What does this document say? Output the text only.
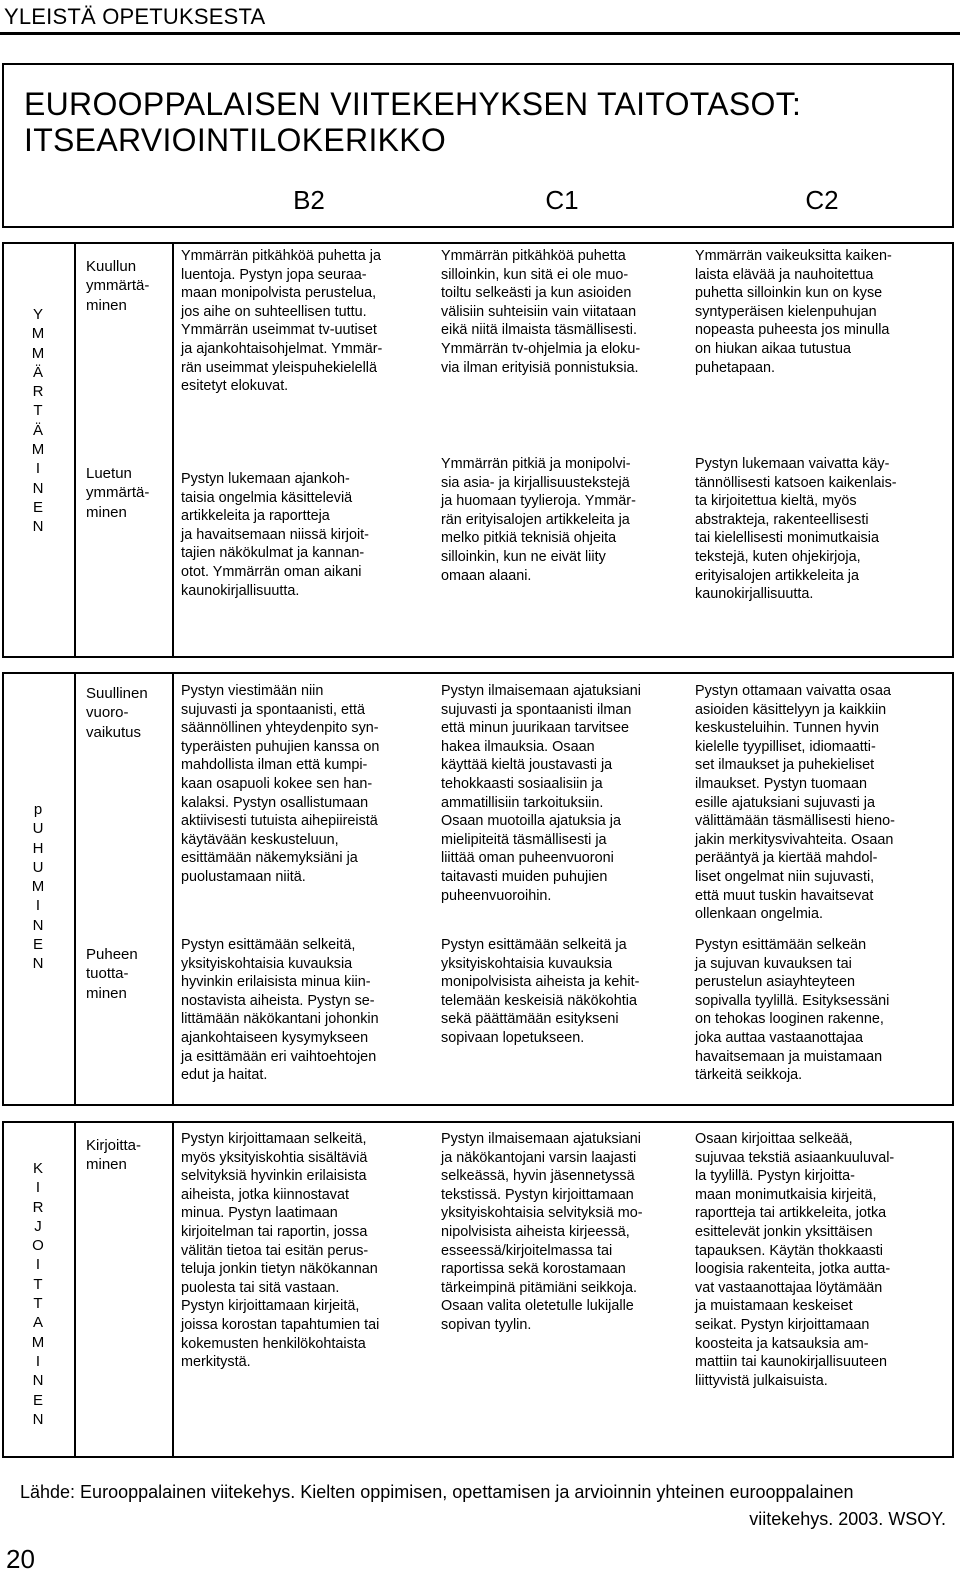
YLEISTÄ OPETUKSESTA
EUROOPPALAISEN VIITEKEHYKSEN TAITOTASOT:
ITSEARVIOINTILOKERIKKO
B2	C1	C2
Y
M
M
Ä
R
T
Ä
M
I
N
E
N
Kuullun
ymmärtä-
minen
Ymmärrän pitkähköä puhetta ja
luentoja. Pystyn jopa seuraa-
maan monipolvista perustelua,
jos aihe on suhteellisen tuttu.
Ymmärrän useimmat tv-uutiset
ja ajankohtaisohjelmat. Ymmär-
rän useimmat yleispuhekielellä
esitetyt elokuvat.
Ymmärrän pitkähköä puhetta
silloinkin, kun sitä ei ole muo-
toiltu selkeästi ja kun asioiden
välisiin suhteisiin vain viitataan
eikä niitä ilmaista täsmällisesti.
Ymmärrän tv-ohjelmia ja eloku-
via ilman erityisiä ponnistuksia.
Ymmärrän vaikeuksitta kaiken-
laista elävää ja nauhoitettua
puhetta silloinkin kun on kyse
syntyperäisen kielenpuhujan
nopeasta puheesta jos minulla
on hiukan aikaa tutustua
puhetapaan.
Luetun
ymmärtä-
minen
Pystyn lukemaan ajankoh-
taisia ongelmia käsitteleviä
artikkeleita ja raportteja
ja havaitsemaan niissä kirjoit-
tajien näkökulmat ja kannan-
otot. Ymmärrän oman aikani
kaunokirjallisuutta.
Ymmärrän pitkiä ja monipolvi-
sia asia- ja kirjallisuustekstejä
ja huomaan tyylieroja. Ymmär-
rän erityisalojen artikkeleita ja
melko pitkiä teknisiä ohjeita
silloinkin, kun ne eivät liity
omaan alaani.
Pystyn lukemaan vaivatta käy-
tännöllisesti katsoen kaikenlais-
ta kirjoitettua kieltä, myös
abstrakteja, rakenteellisesti
tai kielellisesti monimutkaisia
tekstejä, kuten ohjekirjoja,
erityisalojen artikkeleita ja
kaunokirjallisuutta.
p
U
H
U
M
I
N
E
N
Suullinen
vuoro-
vaikutus
Pystyn viestimään niin
sujuvasti ja spontaanisti, että
säännöllinen yhteydenpito syn-
typeräisten puhujien kanssa on
mahdollista ilman että kumpi-
kaan osapuoli kokee sen han-
kalaksi. Pystyn osallistumaan
aktiivisesti tutuista aihepiireistä
käytävään keskusteluun,
esittämään näkemyksiäni ja
puolustamaan niitä.
Pystyn ilmaisemaan ajatuksiani
sujuvasti ja spontaanisti ilman
että minun juurikaan tarvitsee
hakea ilmauksia. Osaan
käyttää kieltä joustavasti ja
tehokkaasti sosiaalisiin ja
ammatillisiin tarkoituksiin.
Osaan muotoilla ajatuksia ja
mielipiteitä täsmällisesti ja
liittää oman puheenvuoroni
taitavasti muiden puhujien
puheenvuoroihin.
Pystyn ottamaan vaivatta osaa
asioiden käsittelyyn ja kaikkiin
keskusteluihin. Tunnen hyvin
kielelle tyypilliset, idiomaatti-
set ilmaukset ja puhekieliset
ilmaukset. Pystyn tuomaan
esille ajatuksiani sujuvasti ja
välittämään täsmällisesti hieno-
jakin merkitysvivahteita. Osaan
perääntyä ja kiertää mahdol-
liset ongelmat niin sujuvasti,
että muut tuskin havaitsevat
ollenkaan ongelmia.
Puheen
tuotta-
minen
Pystyn esittämään selkeitä,
yksityiskohtaisia kuvauksia
hyvinkin erilaisista minua kiin-
nostavista aiheista. Pystyn se-
littämään näkökantani johonkin
ajankohtaiseen kysymykseen
ja esittämään eri vaihtoehtojen
edut ja haitat.
Pystyn esittämään selkeitä ja
yksityiskohtaisia kuvauksia
monipolvisista aiheista ja kehit-
telemään keskeisiä näkökohtia
sekä päättämään esitykseni
sopivaan lopetukseen.
Pystyn esittämään selkeän
ja sujuvan kuvauksen tai
perustelun asiayhteyteen
sopivalla tyylillä. Esityksessäni
on tehokas looginen rakenne,
joka auttaa vastaanottajaa
havaitsemaan ja muistamaan
tärkeitä seikkoja.
K
I
R
J
O
I
T
T
A
M
I
N
E
N
Kirjoitta-
minen
Pystyn kirjoittamaan selkeitä,
myös yksityiskohtia sisältäviä
selvityksiä hyvinkin erilaisista
aiheista, jotka kiinnostavat
minua. Pystyn laatimaan
kirjoitelman tai raportin, jossa
välitän tietoa tai esitän perus-
teluja jonkin tietyn näkökannan
puolesta tai sitä vastaan.
Pystyn kirjoittamaan kirjeitä,
joissa korostan tapahtumien tai
kokemusten henkilökohtaista
merkitystä.
Pystyn ilmaisemaan ajatuksiani
ja näkökantojani varsin laajasti
selkeässä, hyvin jäsennetyssä
tekstissä. Pystyn kirjoittamaan
yksityiskohtaisia selvityksiä mo-
nipolvisista aiheista kirjeessä,
esseessä/kirjoitelmassa tai
raportissa sekä korostamaan
tärkeimpinä pitämiäni seikkoja.
Osaan valita oletetulle lukijalle
sopivan tyylin.
Osaan kirjoittaa selkeää,
sujuvaa tekstiä asiaankuuluval-
la tyylillä. Pystyn kirjoitta-
maan monimutkaisia kirjeitä,
raportteja tai artikkeleita, jotka
esittelevät jonkin yksittäisen
tapauksen. Käytän thokkaasti
loogisia rakenteita, jotka autta-
vat vastaanottajaa löytämään
ja muistamaan keskeiset
seikat. Pystyn kirjoittamaan
koosteita ja katsauksia am-
mattiin tai kaunokirjallisuuteen
liittyvistä julkaisuista.
Lähde: Eurooppalainen viitekehys. Kielten oppimisen, opettamisen ja arvioinnin yhteinen eurooppalainen
viitekehys. 2003. WSOY.
20
